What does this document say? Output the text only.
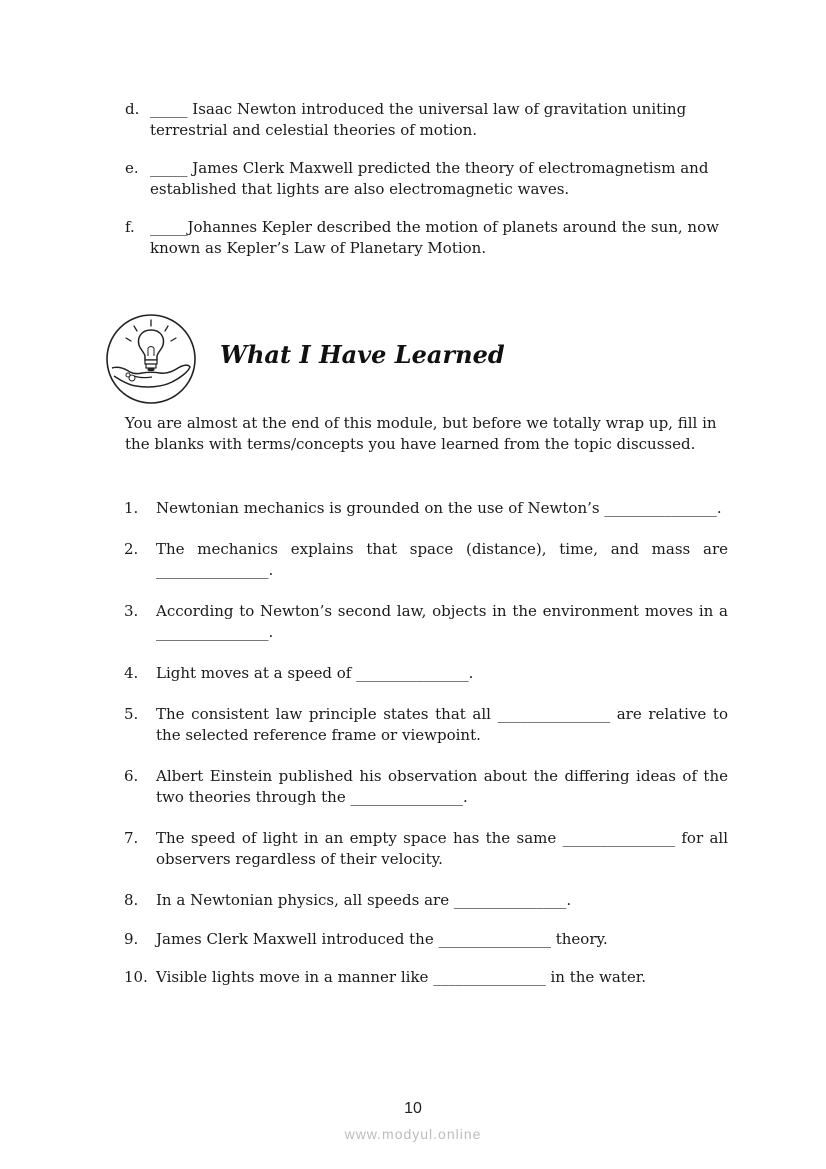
d. _____ Isaac Newton introduced the universal law of gravitation uniting terrestrial and celestial theories of motion.
e. _____ James Clerk Maxwell predicted the theory of electromagnetism and established that lights are also electromagnetic waves.
f. _____Johannes Kepler described the motion of planets around the sun, now known as Kepler’s Law of Planetary Motion.
What I Have Learned
You are almost at the end of this module, but before we totally wrap up, fill in the blanks with terms/concepts you have learned from the topic discussed.
1. Newtonian mechanics is grounded on the use of Newton’s _______________.
2. The mechanics explains that space (distance), time, and mass are _______________.
3. According to Newton’s second law, objects in the environment moves in a _______________.
4. Light moves at a speed of _______________.
5. The consistent law principle states that all _______________ are relative to the selected reference frame or viewpoint.
6. Albert Einstein published his observation about the differing ideas of the two theories through the _______________.
7. The speed of light in an empty space has the same _______________ for all observers regardless of their velocity.
8. In a Newtonian physics, all speeds are _______________.
9. James Clerk Maxwell introduced the _______________ theory.
10. Visible lights move in a manner like _______________ in the water.
10
www.modyul.online
